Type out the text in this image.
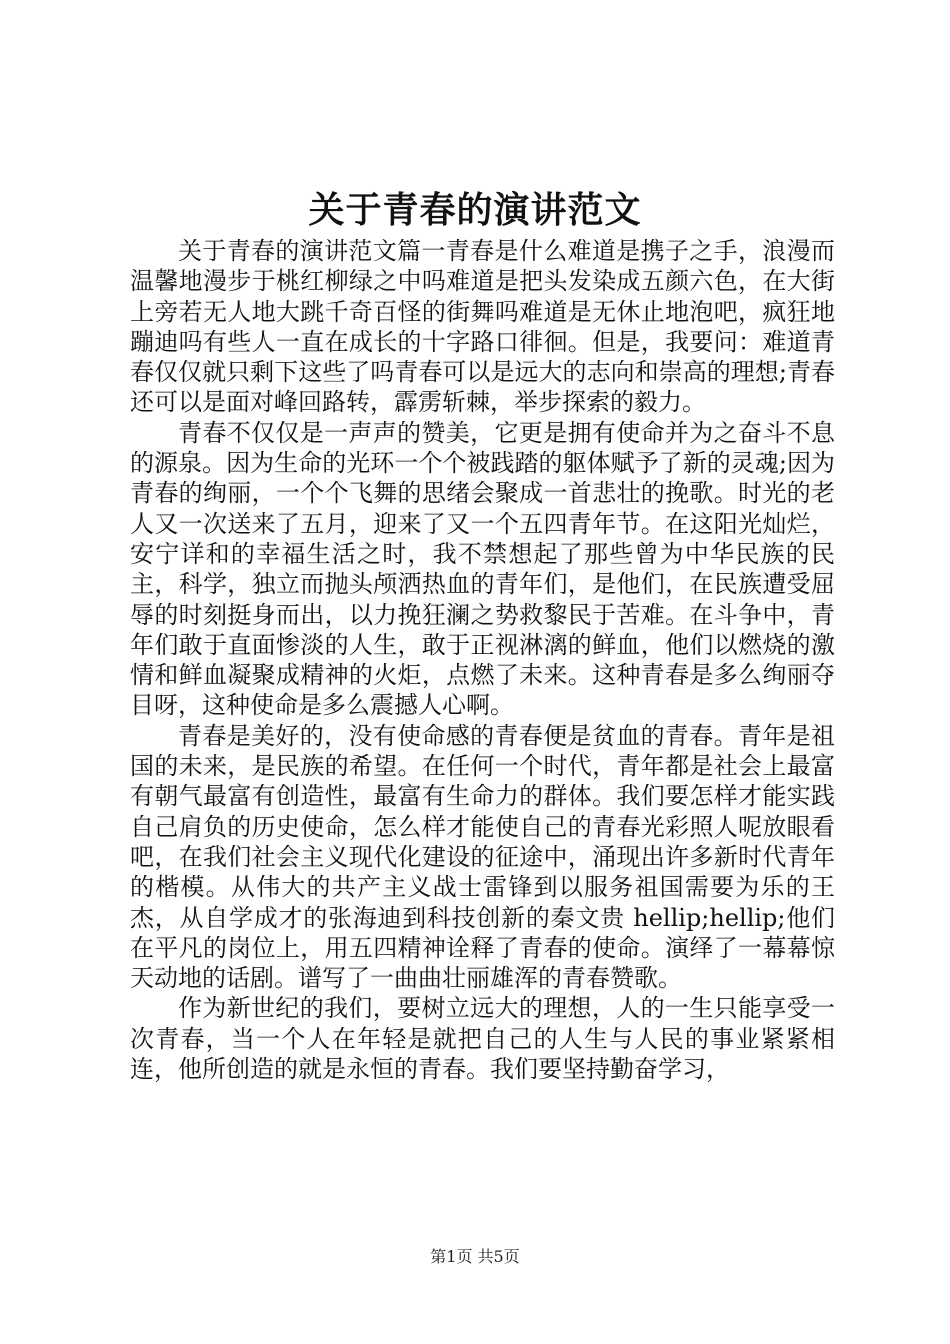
关于青春的演讲范文

关于青春的演讲范文篇一青春是什么难道是携子之手，浪漫而温馨地漫步于桃红柳绿之中吗难道是把头发染成五颜六色，在大街上旁若无人地大跳千奇百怪的街舞吗难道是无休止地泡吧，疯狂地蹦迪吗有些人一直在成长的十字路口徘徊。但是，我要问：难道青春仅仅就只剩下这些了吗青春可以是远大的志向和崇高的理想;青春还可以是面对峰回路转，霹雳斩棘，举步探索的毅力。

青春不仅仅是一声声的赞美，它更是拥有使命并为之奋斗不息的源泉。因为生命的光环一个个被践踏的躯体赋予了新的灵魂;因为青春的绚丽，一个个飞舞的思绪会聚成一首悲壮的挽歌。时光的老人又一次送来了五月，迎来了又一个五四青年节。在这阳光灿烂，安宁详和的幸福生活之时，我不禁想起了那些曾为中华民族的民主，科学，独立而抛头颅洒热血的青年们，是他们，在民族遭受屈辱的时刻挺身而出，以力挽狂澜之势救黎民于苦难。在斗争中，青年们敢于直面惨淡的人生，敢于正视淋漓的鲜血，他们以燃烧的激情和鲜血凝聚成精神的火炬，点燃了未来。这种青春是多么绚丽夺目呀，这种使命是多么震撼人心啊。

青春是美好的，没有使命感的青春便是贫血的青春。青年是祖国的未来，是民族的希望。在任何一个时代，青年都是社会上最富有朝气最富有创造性，最富有生命力的群体。我们要怎样才能实践自己肩负的历史使命，怎么样才能使自己的青春光彩照人呢放眼看吧，在我们社会主义现代化建设的征途中，涌现出许多新时代青年的楷模。从伟大的共产主义战士雷锋到以服务祖国需要为乐的王杰，从自学成才的张海迪到科技创新的秦文贵 hellip;hellip;他们在平凡的岗位上，用五四精神诠释了青春的使命。演绎了一幕幕惊天动地的话剧。谱写了一曲曲壮丽雄浑的青春赞歌。

作为新世纪的我们，要树立远大的理想，人的一生只能享受一次青春，当一个人在年轻是就把自己的人生与人民的事业紧紧相连，他所创造的就是永恒的青春。我们要坚持勤奋学习，

第1页 共5页
